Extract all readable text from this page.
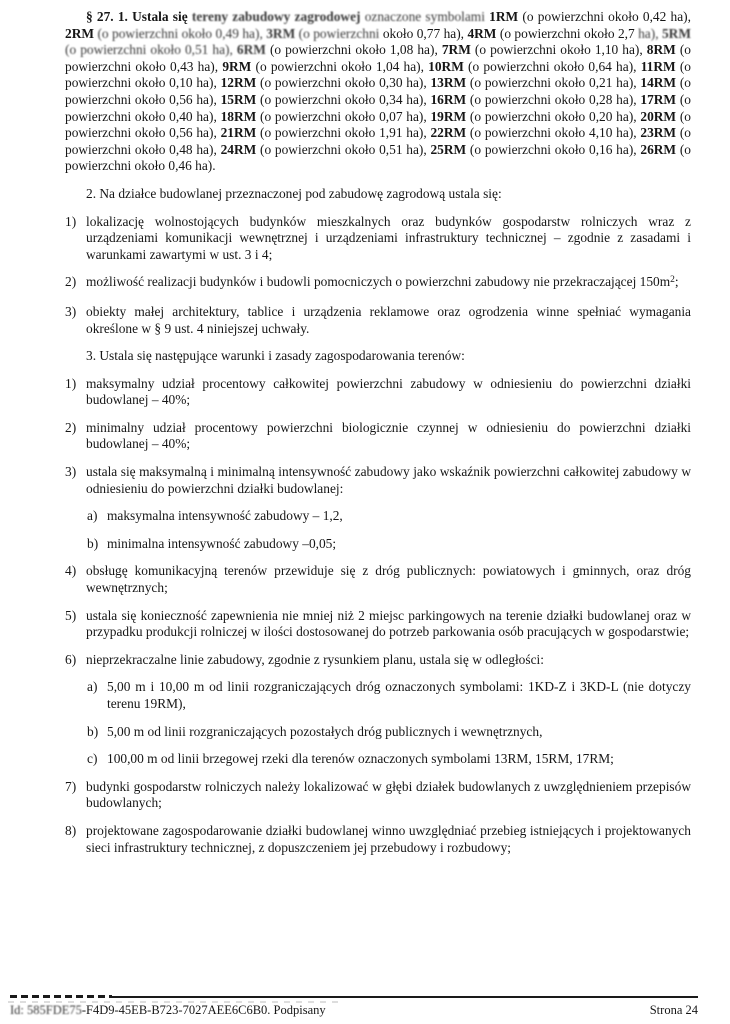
§ 27. 1. Ustala się tereny zabudowy zagrodowej oznaczone symbolami 1RM (o powierzchni około 0,42 ha), 2RM (o powierzchni około 0,49 ha), 3RM (o powierzchni około 0,77 ha), 4RM (o powierzchni około 2,7 ha), 5RM (o powierzchni około 0,51 ha), 6RM (o powierzchni około 1,08 ha), 7RM (o powierzchni około 1,10 ha), 8RM (o powierzchni około 0,43 ha), 9RM (o powierzchni około 1,04 ha), 10RM (o powierzchni około 0,64 ha), 11RM (o powierzchni około 0,10 ha), 12RM (o powierzchni około 0,30 ha), 13RM (o powierzchni około 0,21 ha), 14RM (o powierzchni około 0,56 ha), 15RM (o powierzchni około 0,34 ha), 16RM (o powierzchni około 0,28 ha), 17RM (o powierzchni około 0,40 ha), 18RM (o powierzchni około 0,07 ha), 19RM (o powierzchni około 0,20 ha), 20RM (o powierzchni około 0,56 ha), 21RM (o powierzchni około 1,91 ha), 22RM (o powierzchni około 4,10 ha), 23RM (o powierzchni około 0,48 ha), 24RM (o powierzchni około 0,51 ha), 25RM (o powierzchni około 0,16 ha), 26RM (o powierzchni około 0,46 ha).
2. Na działce budowlanej przeznaczonej pod zabudowę zagrodową ustala się:
1) lokalizację wolnostojących budynków mieszkalnych oraz budynków gospodarstw rolniczych wraz z urządzeniami komunikacji wewnętrznej i urządzeniami infrastruktury technicznej – zgodnie z zasadami i warunkami zawartymi w ust. 3 i 4;
2) możliwość realizacji budynków i budowli pomocniczych o powierzchni zabudowy nie przekraczającej $150m^2$;
3) obiekty małej architektury, tablice i urządzenia reklamowe oraz ogrodzenia winne spełniać wymagania określone w § 9 ust. 4 niniejszej uchwały.
3. Ustala się następujące warunki i zasady zagospodarowania terenów:
1) maksymalny udział procentowy całkowitej powierzchni zabudowy w odniesieniu do powierzchni działki budowlanej – 40%;
2) minimalny udział procentowy powierzchni biologicznie czynnej w odniesieniu do powierzchni działki budowlanej – 40%;
3) ustala się maksymalną i minimalną intensywność zabudowy jako wskaźnik powierzchni całkowitej zabudowy w odniesieniu do powierzchni działki budowlanej:
a) maksymalna intensywność zabudowy – 1,2,
b) minimalna intensywność zabudowy –0,05;
4) obsługę komunikacyjną terenów przewiduje się z dróg publicznych: powiatowych i gminnych, oraz dróg wewnętrznych;
5) ustala się konieczność zapewnienia nie mniej niż 2 miejsc parkingowych na terenie działki budowlanej oraz w przypadku produkcji rolniczej w ilości dostosowanej do potrzeb parkowania osób pracujących w gospodarstwie;
6) nieprzekraczalne linie zabudowy, zgodnie z rysunkiem planu, ustala się w odległości:
a) 5,00 m i 10,00 m od linii rozgraniczających dróg oznaczonych symbolami: 1KD-Z i 3KD-L (nie dotyczy terenu 19RM),
b) 5,00 m od linii rozgraniczających pozostałych dróg publicznych i wewnętrznych,
c) 100,00 m od linii brzegowej rzeki dla terenów oznaczonych symbolami 13RM, 15RM, 17RM;
7) budynki gospodarstw rolniczych należy lokalizować w głębi działek budowlanych z uwzględnieniem przepisów budowlanych;
8) projektowane zagospodarowanie działki budowlanej winno uwzględniać przebieg istniejących i projektowanych sieci infrastruktury technicznej, z dopuszczeniem jej przebudowy i rozbudowy;
Id: 585FDE75-F4D9-45EB-B723-7027AEE6C6B0. Podpisany	Strona 24
